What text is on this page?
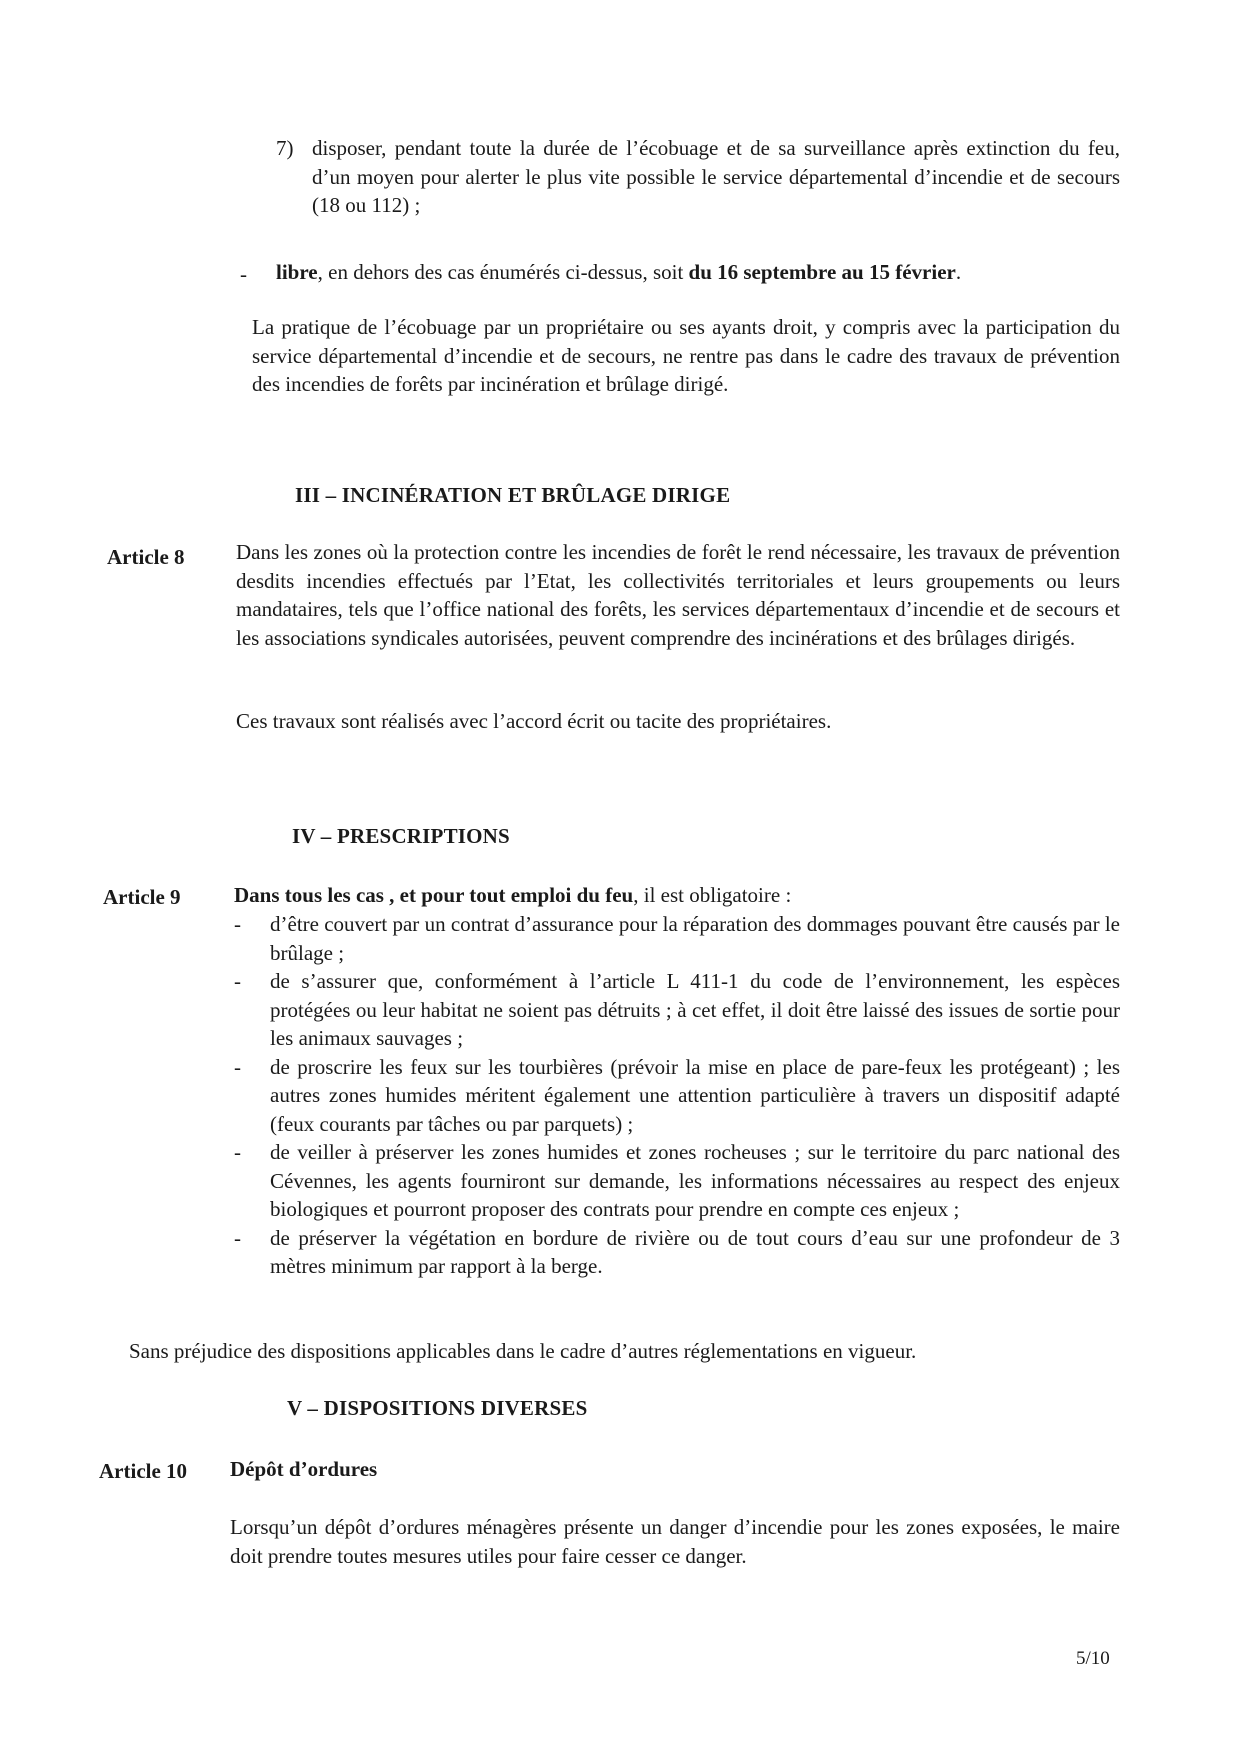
7) disposer, pendant toute la durée de l’écobuage et de sa surveillance après extinction du feu, d’un moyen pour alerter le plus vite possible le service départemental d’incendie et de secours (18 ou 112) ;
- libre, en dehors des cas énumérés ci-dessus, soit du 16 septembre au 15 février.
La pratique de l’écobuage par un propriétaire ou ses ayants droit, y compris avec la participation du service départemental d’incendie et de secours, ne rentre pas dans le cadre des travaux de prévention des incendies de forêts par incinération et brûlage dirigé.
III – INCINÉRATION ET BRÛLAGE DIRIGE
Article 8 Dans les zones où la protection contre les incendies de forêt le rend nécessaire, les travaux de prévention desdits incendies effectués par l’Etat, les collectivités territoriales et leurs groupements ou leurs mandataires, tels que l’office national des forêts, les services départementaux d’incendie et de secours et les associations syndicales autorisées, peuvent comprendre des incinérations et des brûlages dirigés.
Ces travaux sont réalisés avec l’accord écrit ou tacite des propriétaires.
IV – PRESCRIPTIONS
Article 9	Dans tous les cas , et pour tout emploi du feu, il est obligatoire :
- d’être couvert par un contrat d’assurance pour la réparation des dommages pouvant être causés par le brûlage ;
- de s’assurer que, conformément à l’article L 411-1 du code de l’environnement, les espèces protégées ou leur habitat ne soient pas détruits ; à cet effet, il doit être laissé des issues de sortie pour les animaux sauvages ;
- de proscrire les feux sur les tourbières (prévoir la mise en place de pare-feux les protégeant) ; les autres zones humides méritent également une attention particulière à travers un dispositif adapté (feux courants par tâches ou par parquets) ;
- de veiller à préserver les zones humides et zones rocheuses ; sur le territoire du parc national des Cévennes, les agents fourniront sur demande, les informations nécessaires au respect des enjeux biologiques et pourront proposer des contrats pour prendre en compte ces enjeux ;
- de préserver la végétation en bordure de rivière ou de tout cours d’eau sur une profondeur de 3 mètres minimum par rapport à la berge.
Sans préjudice des dispositions applicables dans le cadre d’autres réglementations en vigueur.
V – DISPOSITIONS DIVERSES
Article 10 Dépôt d’ordures
Lorsqu’un dépôt d’ordures ménagères présente un danger d’incendie pour les zones exposées, le maire doit prendre toutes mesures utiles pour faire cesser ce danger.
5/10
